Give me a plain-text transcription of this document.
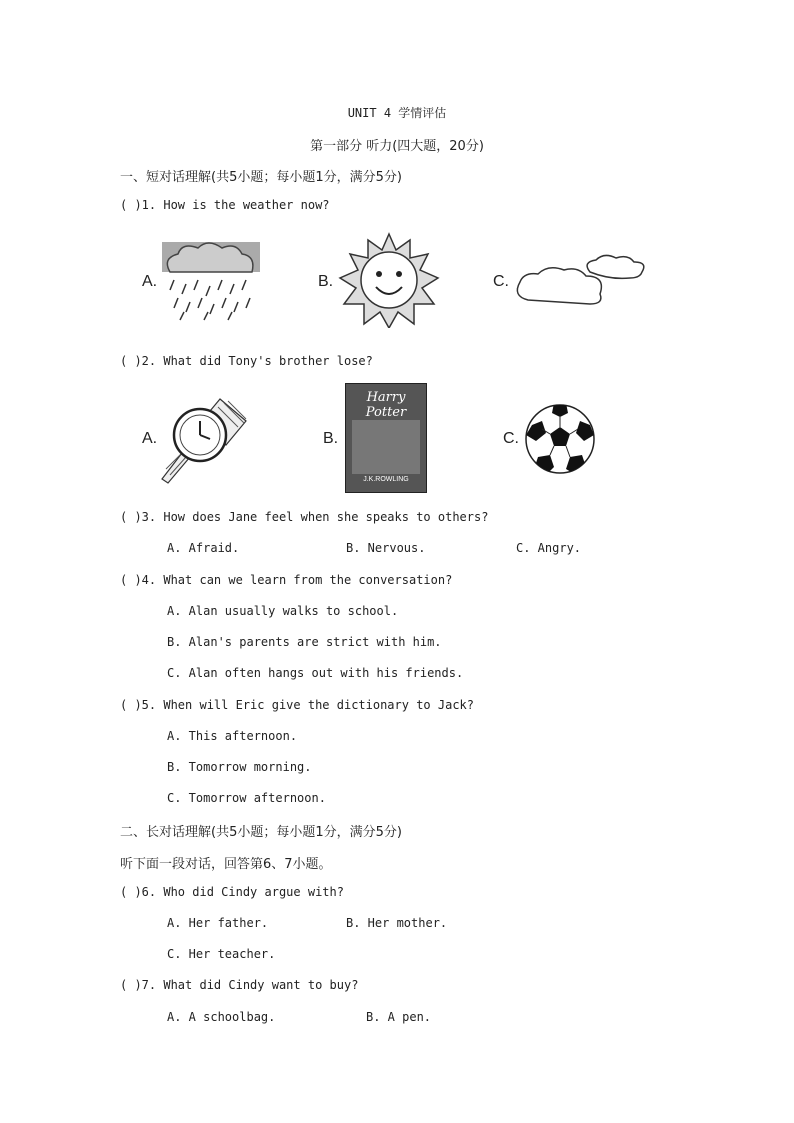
UNIT 4 学情评估
第一部分 听力(四大题，20分)
一、短对话理解(共5小题；每小题1分，满分5分)
( )1. How is the weather now?
A.	B.	C.
( )2. What did Tony's brother lose?
A.	B.
Harry Potter
J.K.ROWLING
C.
( )3. How does Jane feel when she speaks to others?
A. Afraid.	B. Nervous.	C. Angry.
( )4. What can we learn from the conversation?
A. Alan usually walks to school.
B. Alan's parents are strict with him.
C. Alan often hangs out with his friends.
( )5. When will Eric give the dictionary to Jack?
A. This afternoon.
B. Tomorrow morning.
C. Tomorrow afternoon.
二、长对话理解(共5小题；每小题1分，满分5分)
听下面一段对话，回答第6、7小题。
( )6. Who did Cindy argue with?
A. Her father.	B. Her mother.
C. Her teacher.
( )7. What did Cindy want to buy?
A. A schoolbag.	B. A pen.
